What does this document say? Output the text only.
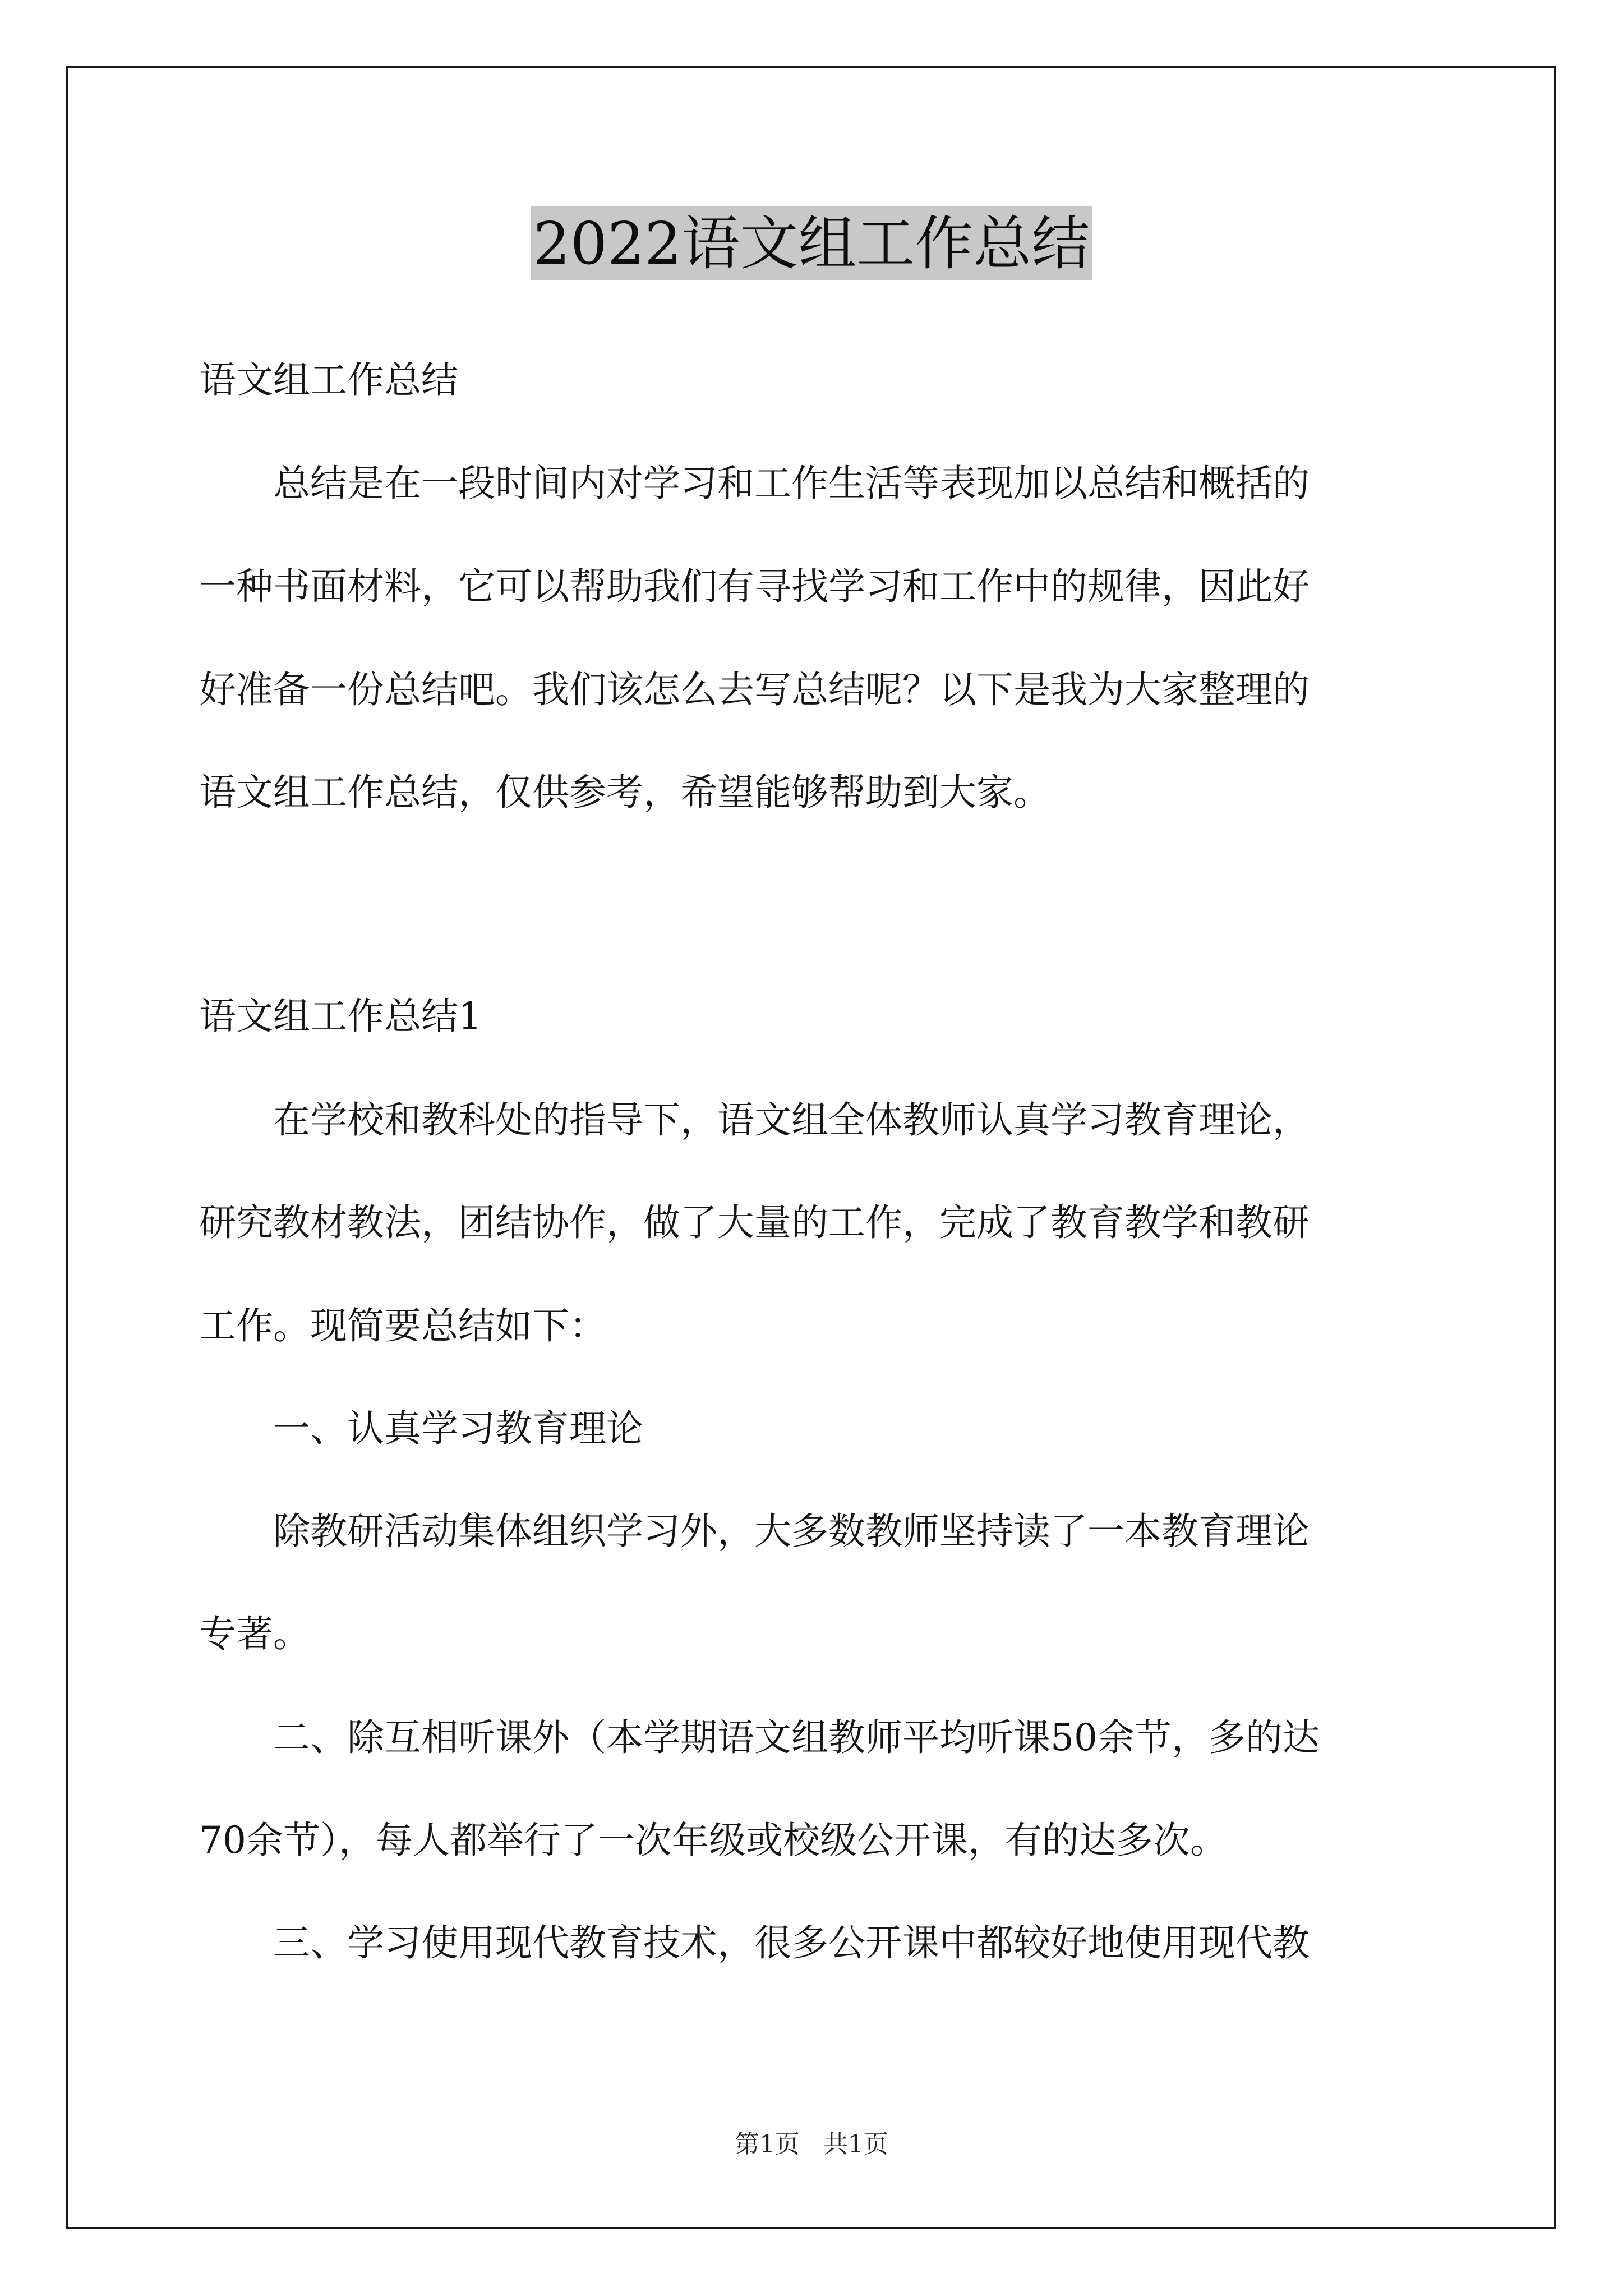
2022语文组工作总结
语文组工作总结
　　总结是在一段时间内对学习和工作生活等表现加以总结和概括的
一种书面材料，它可以帮助我们有寻找学习和工作中的规律，因此好
好准备一份总结吧。我们该怎么去写总结呢？以下是我为大家整理的
语文组工作总结，仅供参考，希望能够帮助到大家。
语文组工作总结1
　　在学校和教科处的指导下，语文组全体教师认真学习教育理论，
研究教材教法，团结协作，做了大量的工作，完成了教育教学和教研
工作。现简要总结如下：
　　一、认真学习教育理论
　　除教研活动集体组织学习外，大多数教师坚持读了一本教育理论
专著。
　　二、除互相听课外（本学期语文组教师平均听课50余节，多的达
70余节），每人都举行了一次年级或校级公开课，有的达多次。
　　三、学习使用现代教育技术，很多公开课中都较好地使用现代教
第1页 共1页
